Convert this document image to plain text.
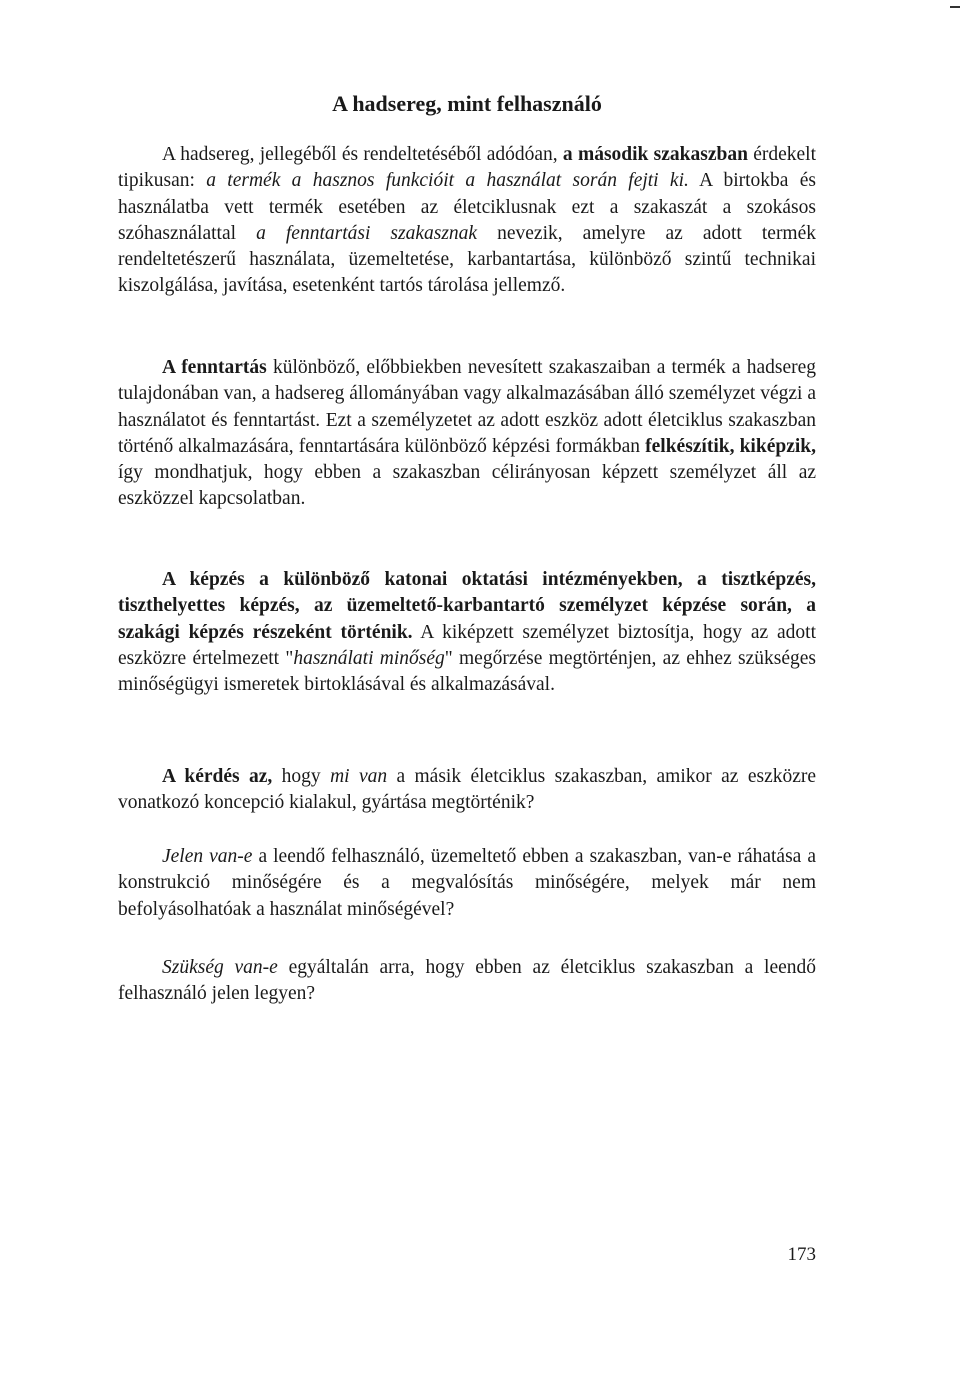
A hadsereg, mint felhasználó

A hadsereg, jellegéből és rendeltetéséből adódóan, a második szakaszban érdekelt tipikusan: a termék a hasznos funkcióit a használat során fejti ki. A birtokba és használatba vett termék esetében az életciklusnak ezt a szakaszát a szokásos szóhasználattal a fenntartási szakasznak nevezik, amelyre az adott termék rendeltetészerű használata, üzemeltetése, karbantartása, különböző szintű technikai kiszolgálása, javítása, esetenként tartós tárolása jellemző.

A fenntartás különböző, előbbiekben nevesített szakaszaiban a termék a hadsereg tulajdonában van, a hadsereg állományában vagy alkalmazásában álló személyzet végzi a használatot és fenntartást. Ezt a személyzetet az adott eszköz adott életciklus szakaszban történő alkalmazására, fenntartására különböző képzési formákban felkészítik, kiképzik, így mondhatjuk, hogy ebben a szakaszban célirányosan képzett személyzet áll az eszközzel kapcsolatban.

A képzés a különböző katonai oktatási intézményekben, a tisztképzés, tiszthelyettes képzés, az üzemeltető-karbantartó személyzet képzése során, a szakági képzés részeként történik. A kiképzett személyzet biztosítja, hogy az adott eszközre értelmezett "használati minőség" megőrzése megtörténjen, az ehhez szükséges minőségügyi ismeretek birtoklásával és alkalmazásával.

A kérdés az, hogy mi van a másik életciklus szakaszban, amikor az eszközre vonatkozó koncepció kialakul, gyártása megtörténik?

Jelen van-e a leendő felhasználó, üzemeltető ebben a szakaszban, van-e ráhatása a konstrukció minőségére és a megvalósítás minőségére, melyek már nem befolyásolhatóak a használat minőségével?

Szükség van-e egyáltalán arra, hogy ebben az életciklus szakaszban a leendő felhasználó jelen legyen?

173
